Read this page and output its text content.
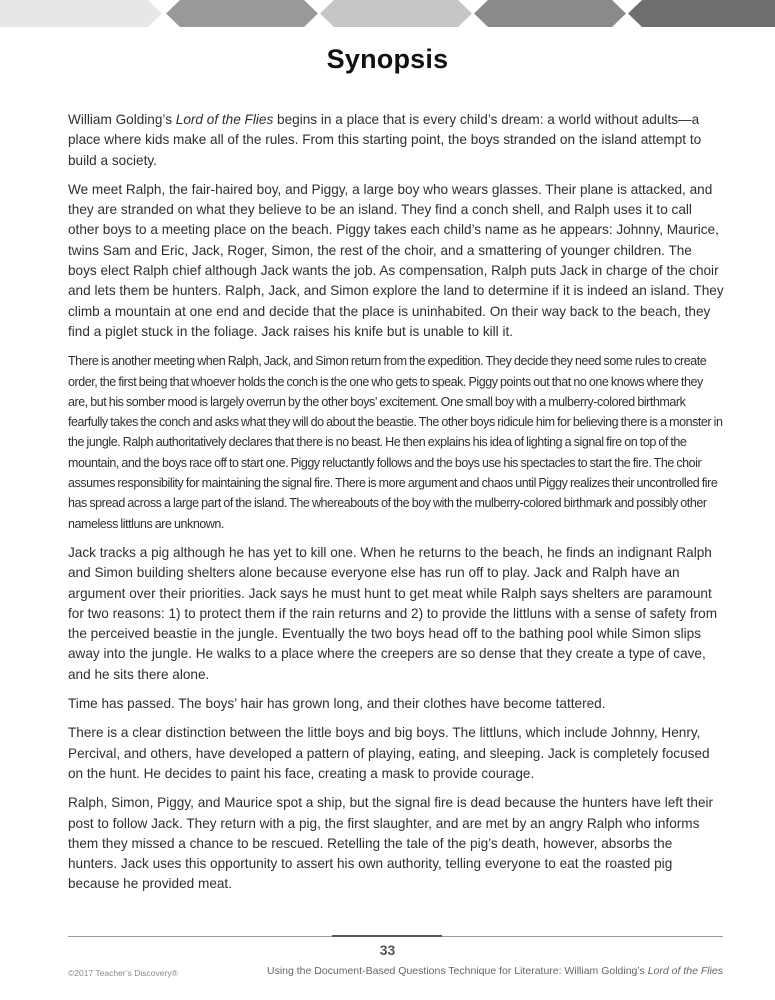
Synopsis

William Golding’s Lord of the Flies begins in a place that is every child’s dream: a world without adults—a place where kids make all of the rules. From this starting point, the boys stranded on the island attempt to build a society.

We meet Ralph, the fair-haired boy, and Piggy, a large boy who wears glasses. Their plane is attacked, and they are stranded on what they believe to be an island. They find a conch shell, and Ralph uses it to call other boys to a meeting place on the beach. Piggy takes each child’s name as he appears: Johnny, Maurice, twins Sam and Eric, Jack, Roger, Simon, the rest of the choir, and a smattering of younger children. The boys elect Ralph chief although Jack wants the job. As compensation, Ralph puts Jack in charge of the choir and lets them be hunters. Ralph, Jack, and Simon explore the land to determine if it is indeed an island. They climb a mountain at one end and decide that the place is uninhabited. On their way back to the beach, they find a piglet stuck in the foliage. Jack raises his knife but is unable to kill it.

There is another meeting when Ralph, Jack, and Simon return from the expedition. They decide they need some rules to create order, the first being that whoever holds the conch is the one who gets to speak. Piggy points out that no one knows where they are, but his somber mood is largely overrun by the other boys’ excitement. One small boy with a mulberry-colored birthmark fearfully takes the conch and asks what they will do about the beastie. The other boys ridicule him for believing there is a monster in the jungle. Ralph authoritatively declares that there is no beast. He then explains his idea of lighting a signal fire on top of the mountain, and the boys race off to start one. Piggy reluctantly follows and the boys use his spectacles to start the fire. The choir assumes responsibility for maintaining the signal fire. There is more argument and chaos until Piggy realizes their uncontrolled fire has spread across a large part of the island. The whereabouts of the boy with the mulberry-colored birthmark and possibly other nameless littluns are unknown.

Jack tracks a pig although he has yet to kill one. When he returns to the beach, he finds an indignant Ralph and Simon building shelters alone because everyone else has run off to play. Jack and Ralph have an argument over their priorities. Jack says he must hunt to get meat while Ralph says shelters are paramount for two reasons: 1) to protect them if the rain returns and 2) to provide the littluns with a sense of safety from the perceived beastie in the jungle. Eventually the two boys head off to the bathing pool while Simon slips away into the jungle. He walks to a place where the creepers are so dense that they create a type of cave, and he sits there alone.

Time has passed. The boys’ hair has grown long, and their clothes have become tattered.

There is a clear distinction between the little boys and big boys. The littluns, which include Johnny, Henry, Percival, and others, have developed a pattern of playing, eating, and sleeping. Jack is completely focused on the hunt. He decides to paint his face, creating a mask to provide courage.

Ralph, Simon, Piggy, and Maurice spot a ship, but the signal fire is dead because the hunters have left their post to follow Jack. They return with a pig, the first slaughter, and are met by an angry Ralph who informs them they missed a chance to be rescued. Retelling the tale of the pig’s death, however, absorbs the hunters. Jack uses this opportunity to assert his own authority, telling everyone to eat the roasted pig because he provided meat.

33
©2017 Teacher’s Discovery®	Using the Document-Based Questions Technique for Literature: William Golding’s Lord of the Flies
